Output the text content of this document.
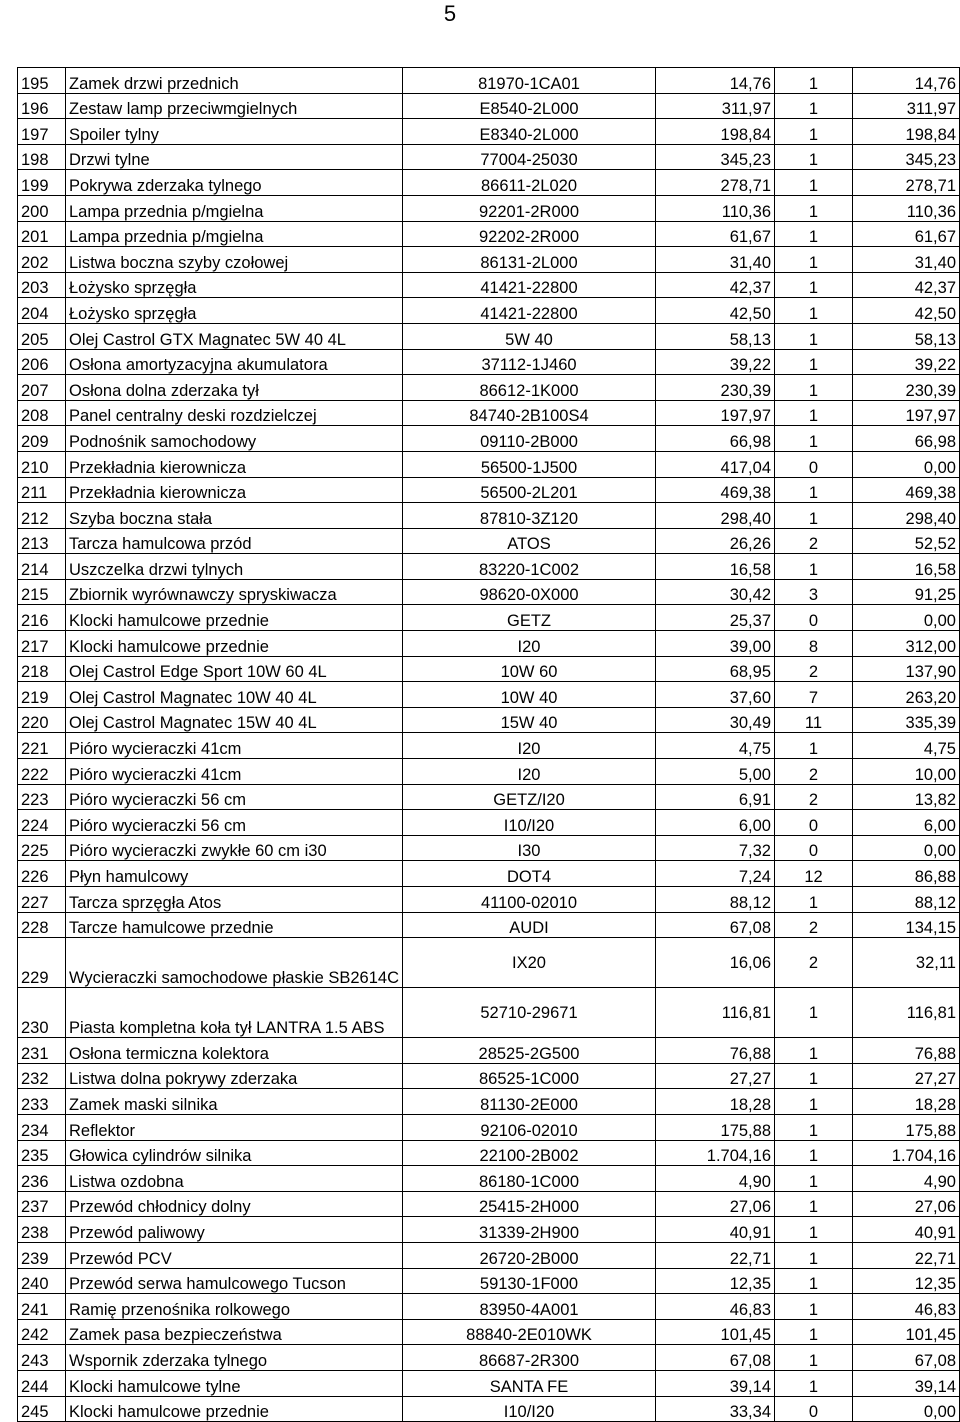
5
195	Zamek drzwi przednich	81970-1CA01	14,76	1	14,76
196	Zestaw lamp przeciwmgielnych	E8540-2L000	311,97	1	311,97
197	Spoiler tylny	E8340-2L000	198,84	1	198,84
198	Drzwi tylne	77004-25030	345,23	1	345,23
199	Pokrywa zderzaka tylnego	86611-2L020	278,71	1	278,71
200	Lampa przednia p/mgielna	92201-2R000	110,36	1	110,36
201	Lampa przednia p/mgielna	92202-2R000	61,67	1	61,67
202	Listwa boczna szyby czołowej	86131-2L000	31,40	1	31,40
203	Łożysko sprzęgła	41421-22800	42,37	1	42,37
204	Łożysko sprzęgła	41421-22800	42,50	1	42,50
205	Olej Castrol GTX Magnatec 5W 40 4L	5W 40	58,13	1	58,13
206	Osłona amortyzacyjna akumulatora	37112-1J460	39,22	1	39,22
207	Osłona dolna zderzaka tył	86612-1K000	230,39	1	230,39
208	Panel centralny deski rozdzielczej	84740-2B100S4	197,97	1	197,97
209	Podnośnik samochodowy	09110-2B000	66,98	1	66,98
210	Przekładnia kierownicza	56500-1J500	417,04	0	0,00
211	Przekładnia kierownicza	56500-2L201	469,38	1	469,38
212	Szyba boczna stała	87810-3Z120	298,40	1	298,40
213	Tarcza hamulcowa przód	ATOS	26,26	2	52,52
214	Uszczelka drzwi tylnych	83220-1C002	16,58	1	16,58
215	Zbiornik wyrównawczy spryskiwacza	98620-0X000	30,42	3	91,25
216	Klocki hamulcowe przednie	GETZ	25,37	0	0,00
217	Klocki hamulcowe przednie	I20	39,00	8	312,00
218	Olej Castrol Edge Sport 10W 60 4L	10W 60	68,95	2	137,90
219	Olej Castrol Magnatec 10W 40 4L	10W 40	37,60	7	263,20
220	Olej Castrol Magnatec 15W 40 4L	15W 40	30,49	11	335,39
221	Pióro wycieraczki 41cm	I20	4,75	1	4,75
222	Pióro wycieraczki 41cm	I20	5,00	2	10,00
223	Pióro wycieraczki 56 cm	GETZ/I20	6,91	2	13,82
224	Pióro wycieraczki 56 cm	I10/I20	6,00	0	6,00
225	Pióro wycieraczki zwykłe 60 cm i30	I30	7,32	0	0,00
226	Płyn hamulcowy	DOT4	7,24	12	86,88
227	Tarcza sprzęgła Atos	41100-02010	88,12	1	88,12
228	Tarcze hamulcowe przednie	AUDI	67,08	2	134,15
229	Wycieraczki samochodowe płaskie SB2614C	IX20	16,06	2	32,11
230	Piasta kompletna koła tył LANTRA 1.5 ABS	52710-29671	116,81	1	116,81
231	Osłona termiczna kolektora	28525-2G500	76,88	1	76,88
232	Listwa dolna pokrywy zderzaka	86525-1C000	27,27	1	27,27
233	Zamek maski silnika	81130-2E000	18,28	1	18,28
234	Reflektor	92106-02010	175,88	1	175,88
235	Głowica cylindrów silnika	22100-2B002	1.704,16	1	1.704,16
236	Listwa ozdobna	86180-1C000	4,90	1	4,90
237	Przewód chłodnicy dolny	25415-2H000	27,06	1	27,06
238	Przewód paliwowy	31339-2H900	40,91	1	40,91
239	Przewód PCV	26720-2B000	22,71	1	22,71
240	Przewód serwa hamulcowego Tucson	59130-1F000	12,35	1	12,35
241	Ramię przenośnika rolkowego	83950-4A001	46,83	1	46,83
242	Zamek pasa bezpieczeństwa	88840-2E010WK	101,45	1	101,45
243	Wspornik zderzaka tylnego	86687-2R300	67,08	1	67,08
244	Klocki hamulcowe tylne	SANTA FE	39,14	1	39,14
245	Klocki hamulcowe przednie	I10/I20	33,34	0	0,00
